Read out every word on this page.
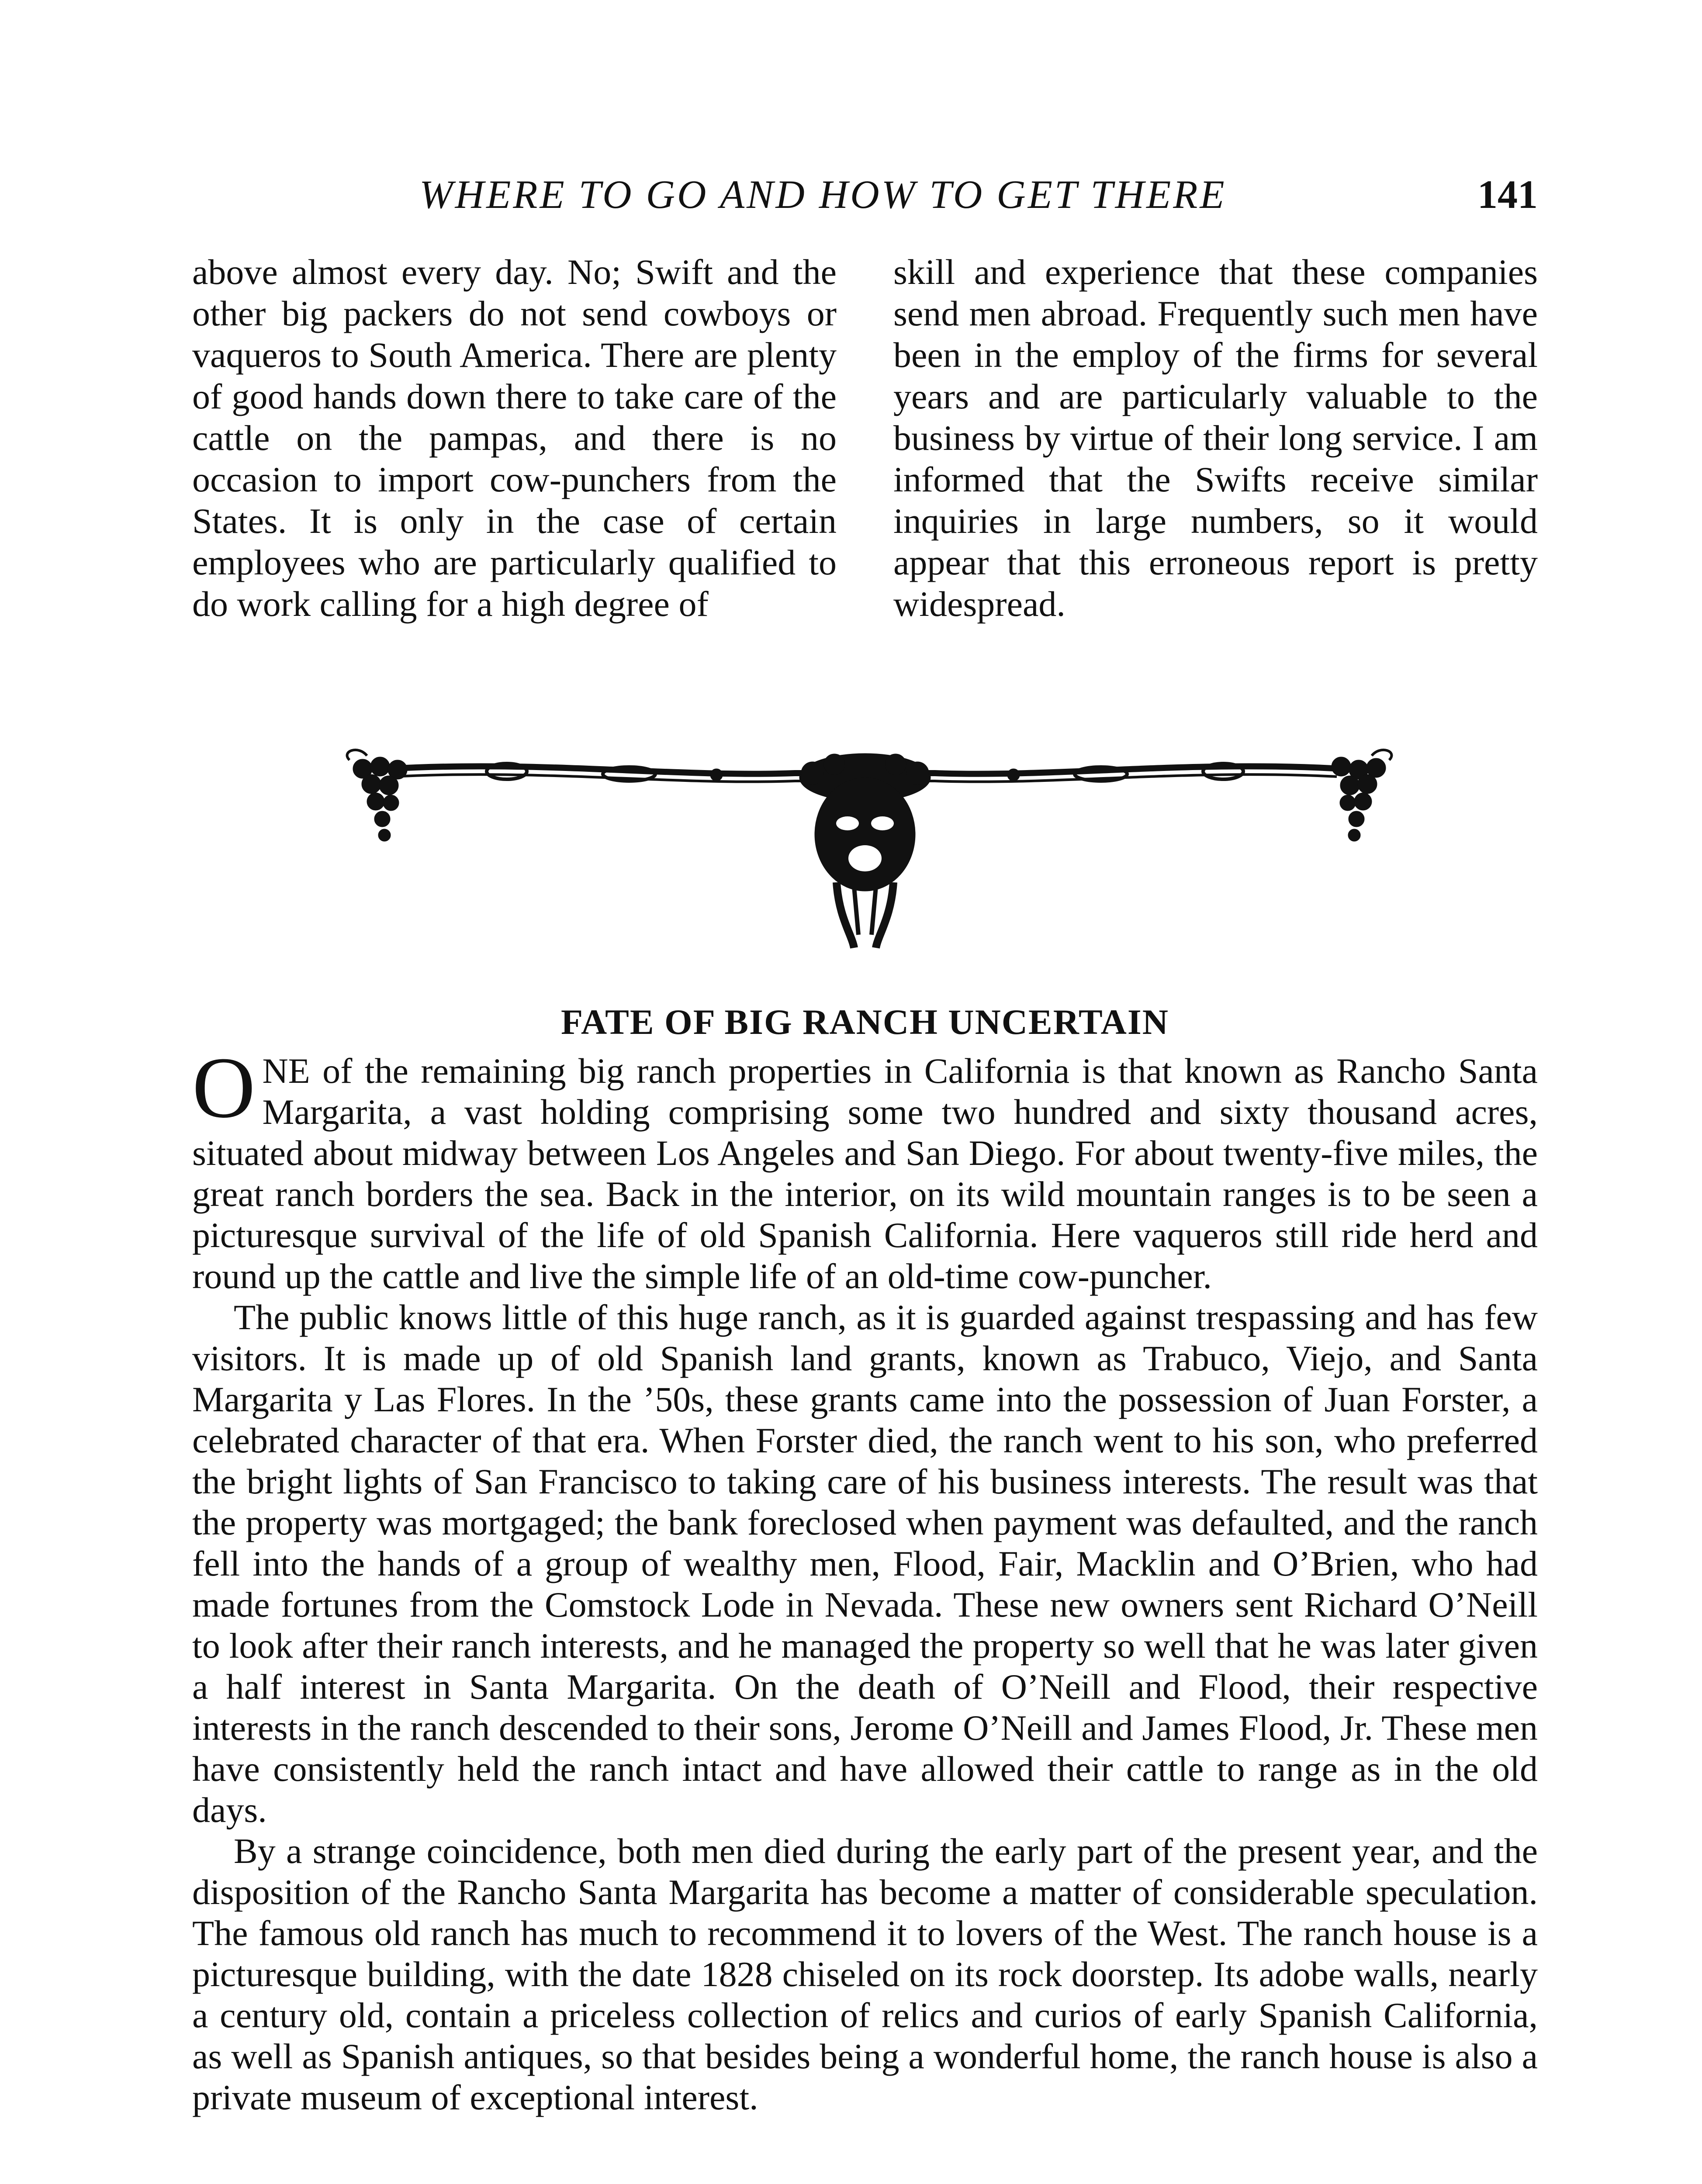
WHERE TO GO AND HOW TO GET THERE	141
above almost every day. No; Swift and the other big packers do not send cowboys or vaqueros to South America. There are plenty of good hands down there to take care of the cattle on the pampas, and there is no occasion to import cow-punchers from the States. It is only in the case of certain employees who are particularly qualified to do work calling for a high degree of
skill and experience that these companies send men abroad. Frequently such men have been in the employ of the firms for several years and are particularly valuable to the business by virtue of their long service. I am informed that the Swifts receive similar inquiries in large numbers, so it would appear that this erroneous report is pretty widespread.
FATE OF BIG RANCH UNCERTAIN

ONE of the remaining big ranch properties in California is that known as Rancho Santa Margarita, a vast holding comprising some two hundred and sixty thousand acres, situated about midway between Los Angeles and San Diego. For about twenty-five miles, the great ranch borders the sea. Back in the interior, on its wild mountain ranges is to be seen a picturesque survival of the life of old Spanish California. Here vaqueros still ride herd and round up the cattle and live the simple life of an old-time cow-puncher.

The public knows little of this huge ranch, as it is guarded against trespassing and has few visitors. It is made up of old Spanish land grants, known as Trabuco, Viejo, and Santa Margarita y Las Flores. In the ’50s, these grants came into the possession of Juan Forster, a celebrated character of that era. When Forster died, the ranch went to his son, who preferred the bright lights of San Francisco to taking care of his business interests. The result was that the property was mortgaged; the bank foreclosed when payment was defaulted, and the ranch fell into the hands of a group of wealthy men, Flood, Fair, Macklin and O’Brien, who had made fortunes from the Comstock Lode in Nevada. These new owners sent Richard O’Neill to look after their ranch interests, and he managed the property so well that he was later given a half interest in Santa Margarita. On the death of O’Neill and Flood, their respective interests in the ranch descended to their sons, Jerome O’Neill and James Flood, Jr. These men have consistently held the ranch intact and have allowed their cattle to range as in the old days.

By a strange coincidence, both men died during the early part of the present year, and the disposition of the Rancho Santa Margarita has become a matter of considerable speculation. The famous old ranch has much to recommend it to lovers of the West. The ranch house is a picturesque building, with the date 1828 chiseled on its rock doorstep. Its adobe walls, nearly a century old, contain a priceless collection of relics and curios of early Spanish California, as well as Spanish antiques, so that besides being a wonderful home, the ranch house is also a private museum of exceptional interest.
